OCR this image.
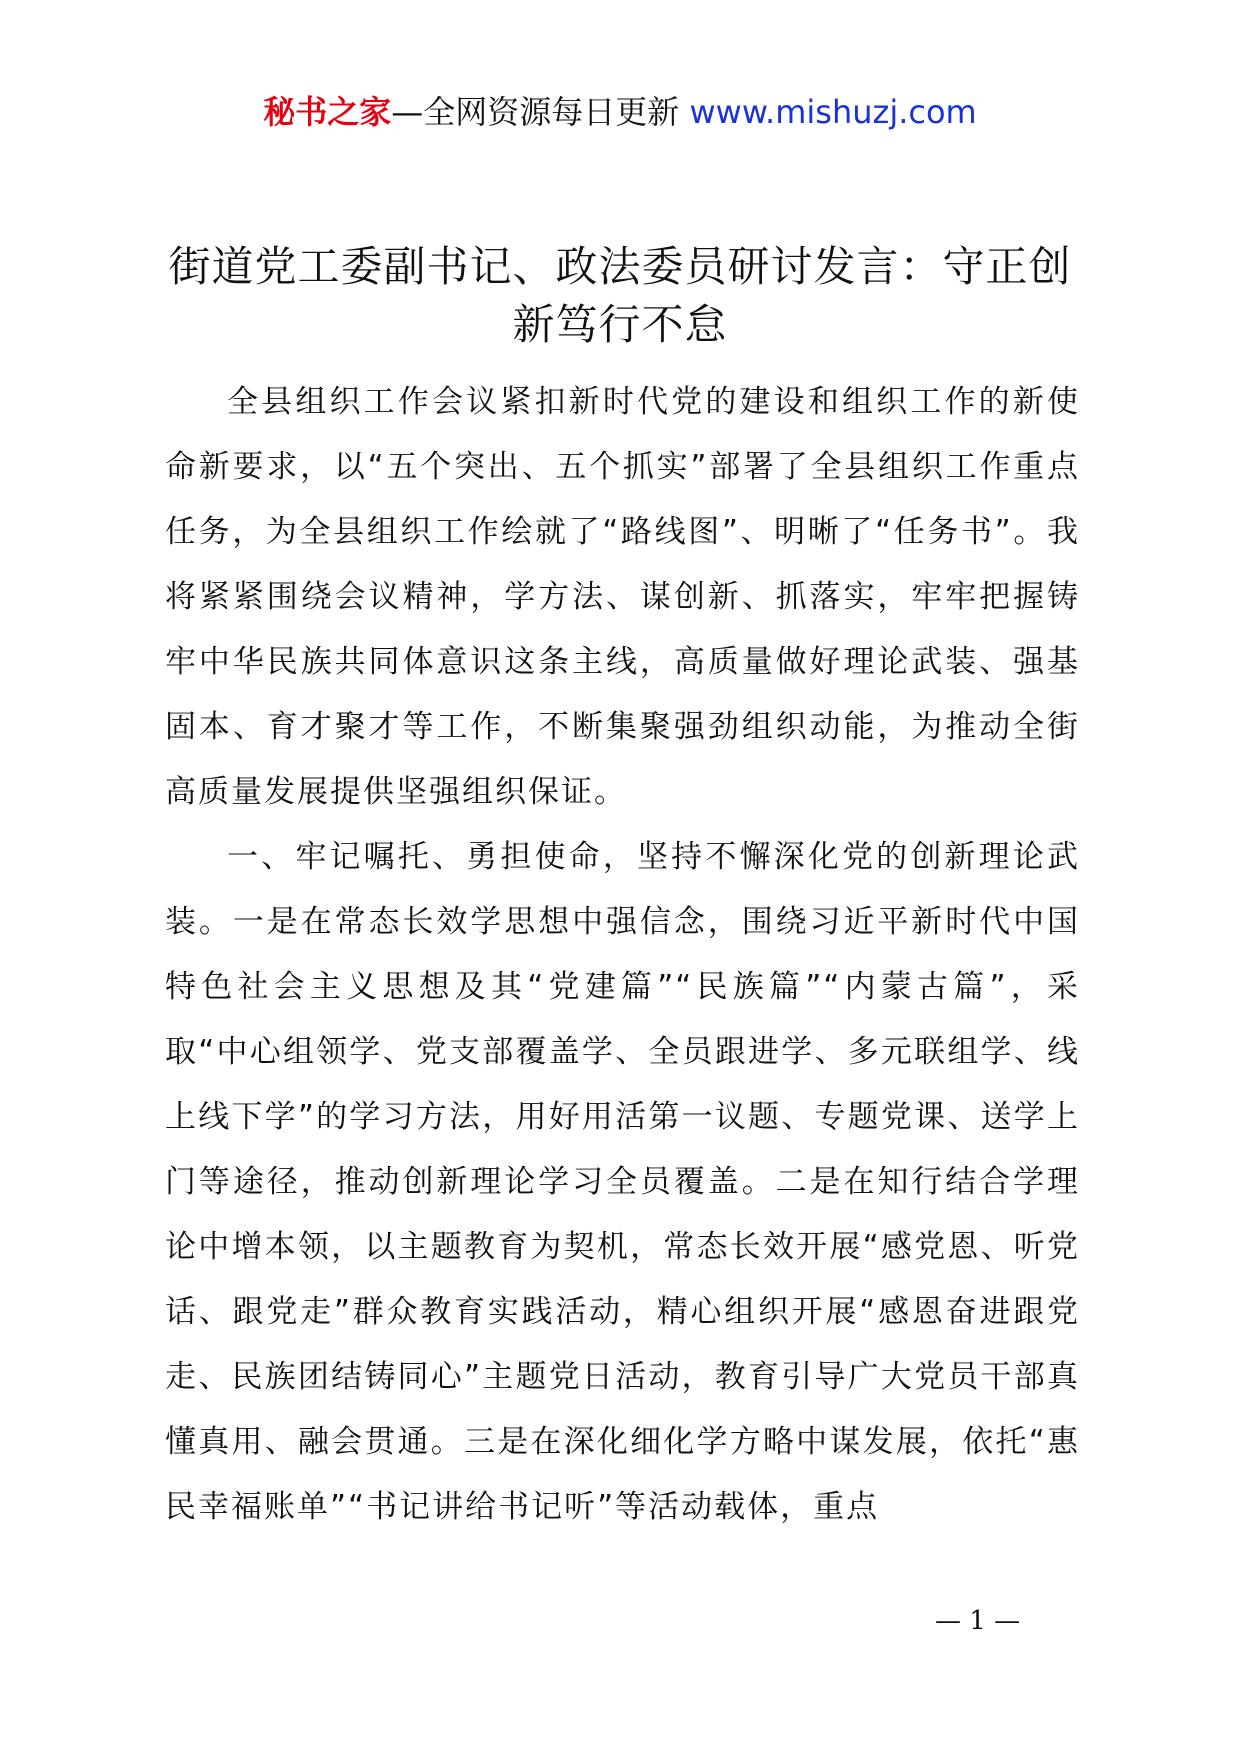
秘书之家—全网资源每日更新 www.mishuzj.com
街道党工委副书记、政法委员研讨发言：守正创新笃行不怠

全县组织工作会议紧扣新时代党的建设和组织工作的新使命新要求，以“五个突出、五个抓实”部署了全县组织工作重点任务，为全县组织工作绘就了“路线图”、明晰了“任务书”。我将紧紧围绕会议精神，学方法、谋创新、抓落实，牢牢把握铸牢中华民族共同体意识这条主线，高质量做好理论武装、强基固本、育才聚才等工作，不断集聚强劲组织动能，为推动全街高质量发展提供坚强组织保证。

一、牢记嘱托、勇担使命，坚持不懈深化党的创新理论武装。一是在常态长效学思想中强信念，围绕习近平新时代中国特色社会主义思想及其“党建篇”“民族篇”“内蒙古篇”，采取“中心组领学、党支部覆盖学、全员跟进学、多元联组学、线上线下学”的学习方法，用好用活第一议题、专题党课、送学上门等途径，推动创新理论学习全员覆盖。二是在知行结合学理论中增本领，以主题教育为契机，常态长效开展“感党恩、听党话、跟党走”群众教育实践活动，精心组织开展“感恩奋进跟党走、民族团结铸同心”主题党日活动，教育引导广大党员干部真懂真用、融会贯通。三是在深化细化学方略中谋发展，依托“惠民幸福账单”“书记讲给书记听”等活动载体，重点

— 1 —
